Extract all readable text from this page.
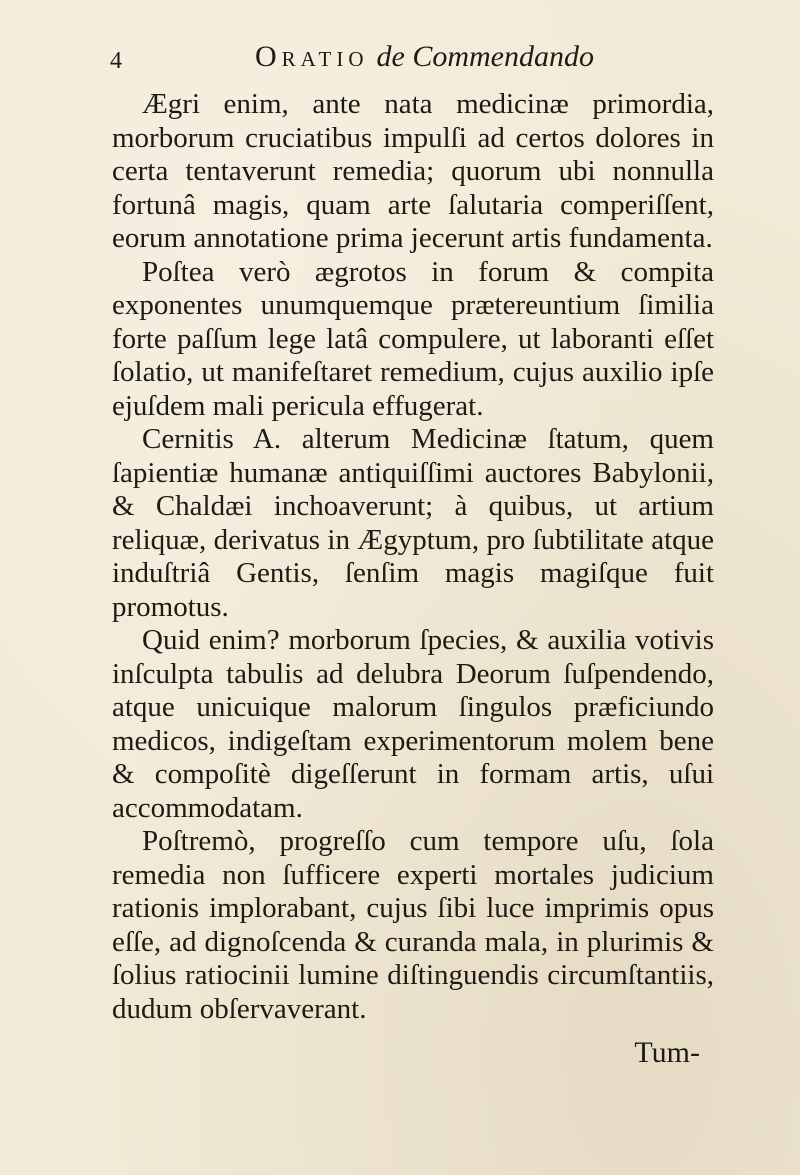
4	Oratio de Commendando

Ægri enim, ante nata medicinæ primordia, morborum cruciatibus impulſi ad certos dolores in certa tentaverunt remedia; quorum ubi nonnulla fortunâ magis, quam arte ſalutaria comperiſſent, eorum annotatione prima jecerunt artis fundamenta.

Poſtea verò ægrotos in forum & compita exponentes unumquemque prætereuntium ſimilia forte paſſum lege latâ compulere, ut laboranti eſſet ſolatio, ut manifeſtaret remedium, cujus auxilio ipſe ejuſdem mali pericula effugerat.

Cernitis A. alterum Medicinæ ſtatum, quem ſapientiæ humanæ antiquiſſimi auctores Babylonii, & Chaldæi inchoaverunt; à quibus, ut artium reliquæ, derivatus in Ægyptum, pro ſubtilitate atque induſtriâ Gentis, ſenſim magis magiſque fuit promotus.

Quid enim? morborum ſpecies, & auxilia votivis inſculpta tabulis ad delubra Deorum ſuſpendendo, atque unicuique malorum ſingulos præficiundo medicos, indigeſtam experimentorum molem bene & compoſitè digeſſerunt in formam artis, uſui accommodatam.

Poſtremò, progreſſo cum tempore uſu, ſola remedia non ſufficere experti mortales judicium rationis implorabant, cujus ſibi luce imprimis opus eſſe, ad dignoſcenda & curanda mala, in plurimis & ſolius ratiocinii lumine diſtinguendis circumſtantiis, dudum obſervaverant.

Tum-
